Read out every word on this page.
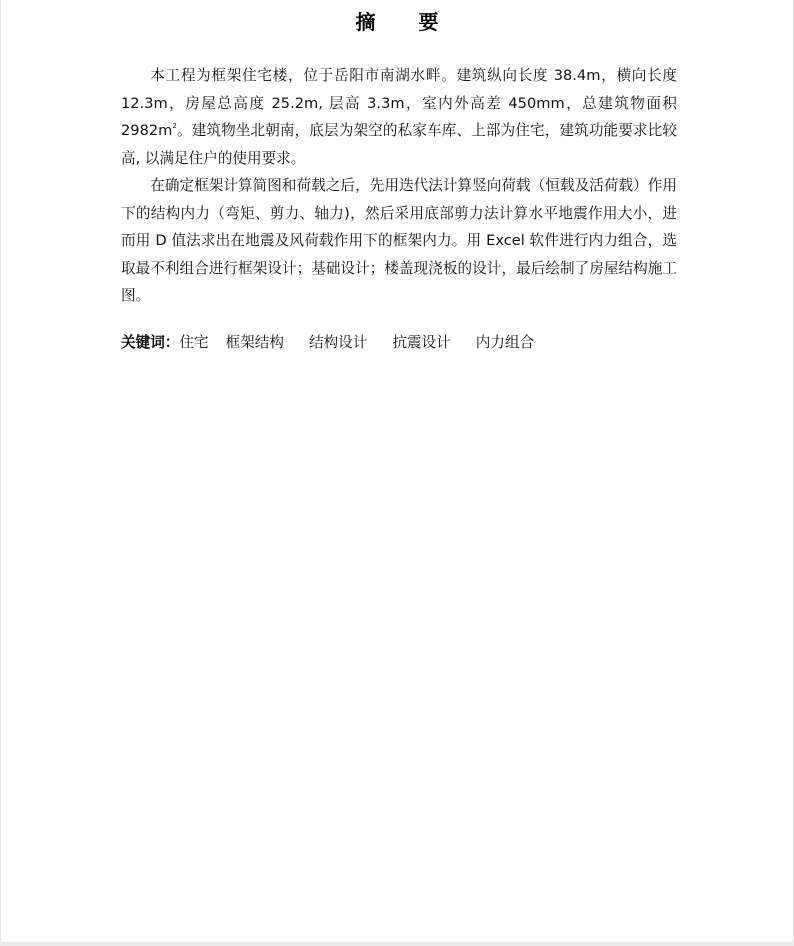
摘 要

本工程为框架住宅楼，位于岳阳市南湖水畔。建筑纵向长度 38.4m，横向长度 12.3m，房屋总高度 25.2m, 层高 3.3m，室内外高差 450mm，总建筑物面积 $2982m^2$。建筑物坐北朝南，底层为架空的私家车库、上部为住宅，建筑功能要求比较高, 以满足住户的使用要求。

在确定框架计算简图和荷载之后，先用迭代法计算竖向荷载（恒载及活荷载）作用下的结构内力（弯矩、剪力、轴力)，然后采用底部剪力法计算水平地震作用大小，进而用 D 值法求出在地震及风荷载作用下的框架内力。用 Excel 软件进行内力组合，选取最不利组合进行框架设计；基础设计；楼盖现浇板的设计，最后绘制了房屋结构施工图。

关键词：住宅 框架结构 结构设计 抗震设计 内力组合
